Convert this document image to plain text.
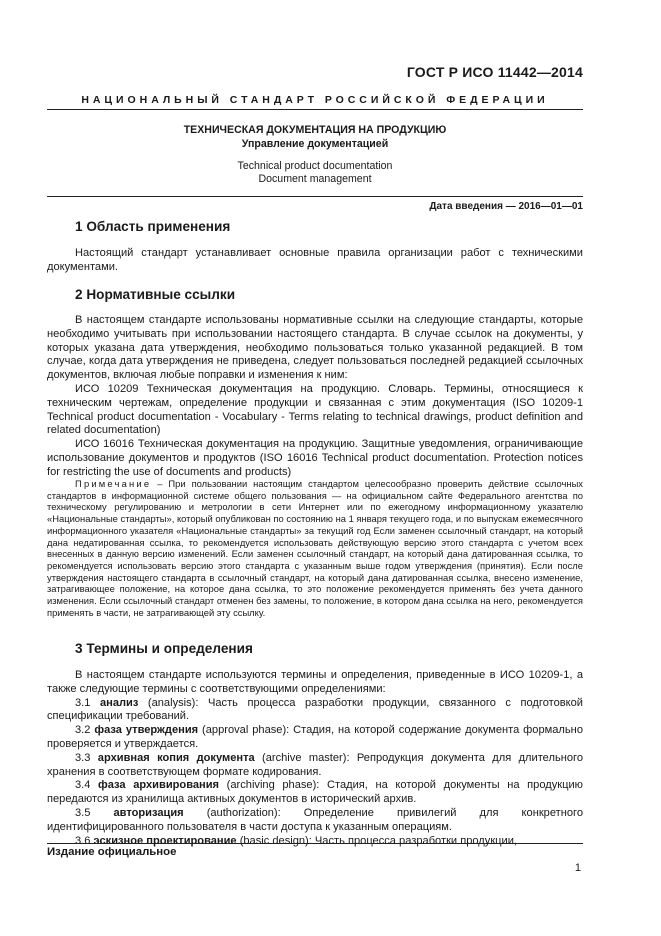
ГОСТ Р ИСО 11442—2014
НАЦИОНАЛЬНЫЙ СТАНДАРТ РОССИЙСКОЙ ФЕДЕРАЦИИ
ТЕХНИЧЕСКАЯ ДОКУМЕНТАЦИЯ НА ПРОДУКЦИЮ
Управление документацией
Technical product documentation
Document management
Дата введения — 2016—01—01
1 Область применения

Настоящий стандарт устанавливает основные правила организации работ с техническими документами.

2 Нормативные ссылки

В настоящем стандарте использованы нормативные ссылки на следующие стандарты, которые необходимо учитывать при использовании настоящего стандарта. В случае ссылок на документы, у которых указана дата утверждения, необходимо пользоваться только указанной редакцией. В том случае, когда дата утверждения не приведена, следует пользоваться последней редакцией ссылочных документов, включая любые поправки и изменения к ним:

ИСО 10209 Техническая документация на продукцию. Словарь. Термины, относящиеся к техническим чертежам, определение продукции и связанная с этим документация (ISO 10209-1 Technical product documentation - Vocabulary - Terms relating to technical drawings, product definition and related documentation)

ИСО 16016 Техническая документация на продукцию. Защитные уведомления, ограничивающие использование документов и продуктов (ISO 16016 Technical product documentation. Protection notices for restricting the use of documents and products)

Примечание – При пользовании настоящим стандартом целесообразно проверить действие ссылочных стандартов в информационной системе общего пользования — на официальном сайте Федерального агентства по техническому регулированию и метрологии в сети Интернет или по ежегодному информационному указателю «Национальные стандарты», который опубликован по состоянию на 1 января текущего года, и по выпускам ежемесячного информационного указателя «Национальные стандарты» за текущий год Если заменен ссылочный стандарт, на который дана недатированная ссылка, то рекомендуется использовать действующую версию этого стандарта с учетом всех внесенных в данную версию изменений. Если заменен ссылочный стандарт, на который дана датированная ссылка, то рекомендуется использовать версию этого стандарта с указанным выше годом утверждения (принятия). Если после утверждения настоящего стандарта в ссылочный стандарт, на который дана датированная ссылка, внесено изменение, затрагивающее положение, на которое дана ссылка, то это положение рекомендуется применять без учета данного изменения. Если ссылочный стандарт отменен без замены, то положение, в котором дана ссылка на него, рекомендуется применять в части, не затрагивающей эту ссылку.

3 Термины и определения

В настоящем стандарте используются термины и определения, приведенные в ИСО 10209-1, а также следующие термины с соответствующими определениями:

3.1 анализ (analysis): Часть процесса разработки продукции, связанного с подготовкой спецификации требований.

3.2 фаза утверждения (approval phase): Стадия, на которой содержание документа формально проверяется и утверждается.

3.3 архивная копия документа (archive master): Репродукция документа для длительного хранения в соответствующем формате кодирования.

3.4 фаза архивирования (archiving phase): Стадия, на которой документы на продукцию передаются из хранилища активных документов в исторический архив.

3.5 авторизация (authorization): Определение привилегий для конкретного идентифицированного пользователя в части доступа к указанным операциям.

3.6 эскизное проектирование (basic design): Часть процесса разработки продукции,

Издание официальное
1
